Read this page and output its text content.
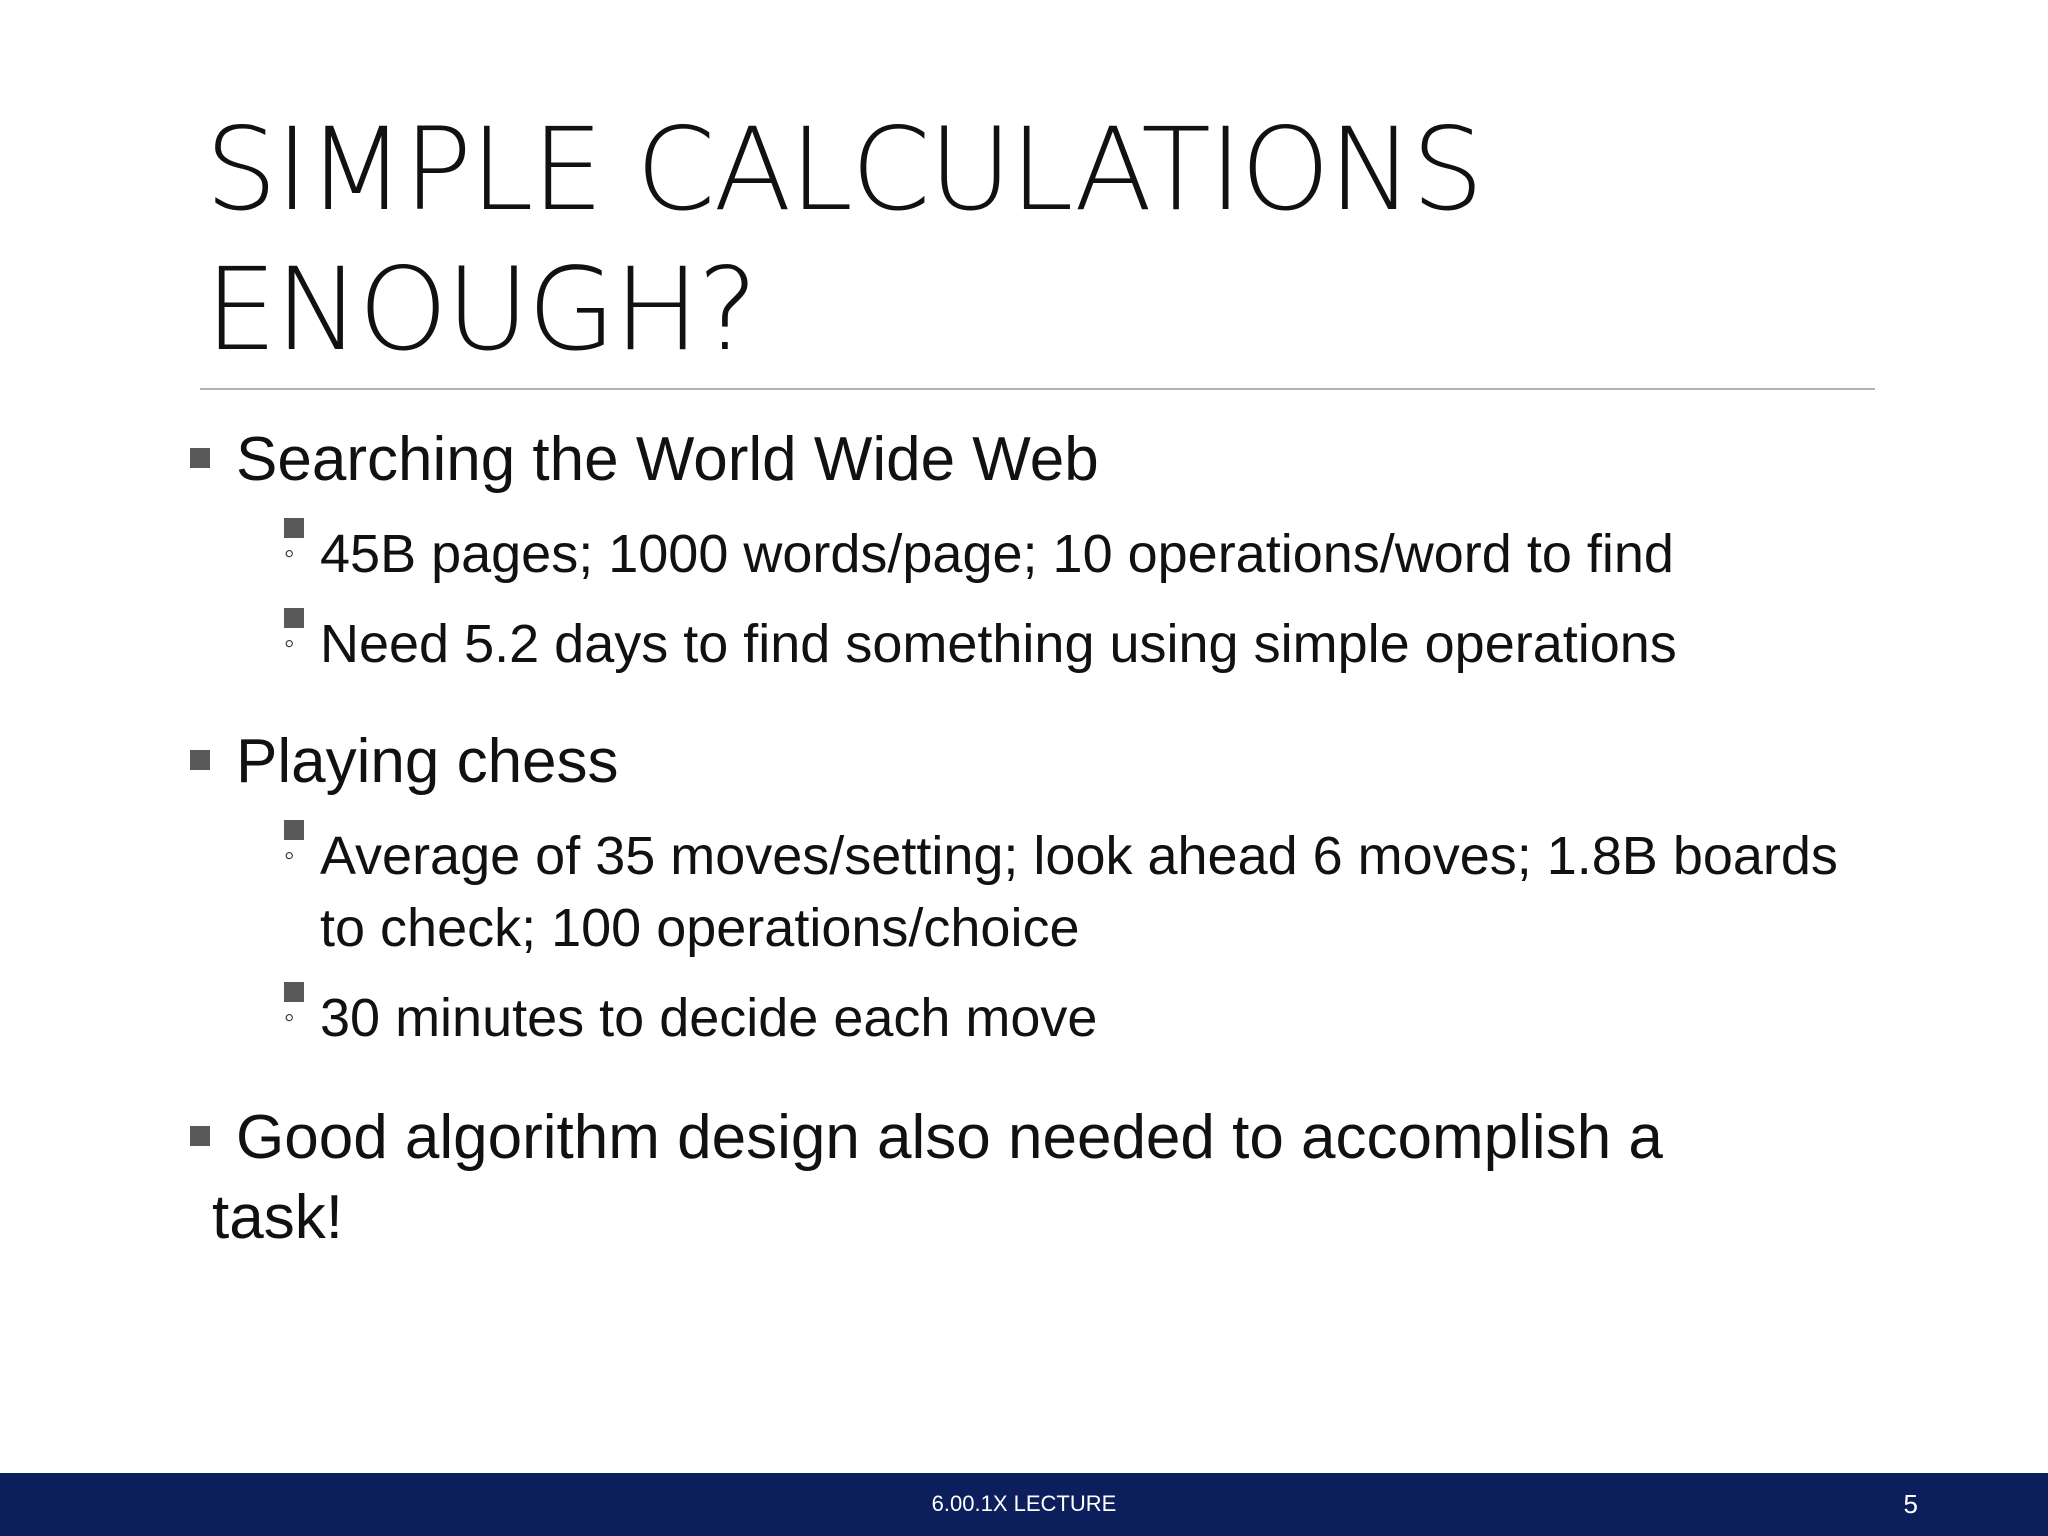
SIMPLE CALCULATIONS
ENOUGH?
Searching the World Wide Web
◦ 45B pages; 1000 words/page; 10 operations/word to find
◦ Need 5.2 days to find something using simple operations
Playing chess
◦ Average of 35 moves/setting; look ahead 6 moves; 1.8B boards to check; 100 operations/choice
◦ 30 minutes to decide each move
Good algorithm design also needed to accomplish a
task!
6.00.1X LECTURE	5
